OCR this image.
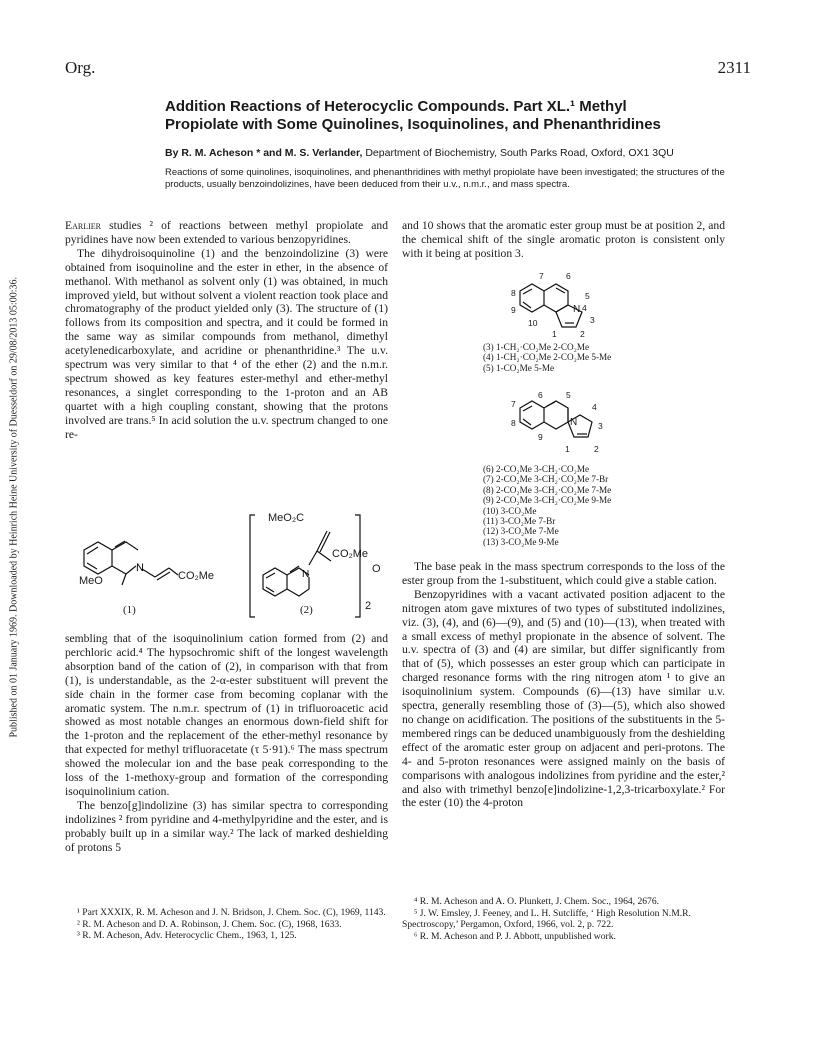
Published on 01 January 1969. Downloaded by Heinrich Heine University of Duesseldorf on 29/08/2013 05:00:36.
Org.	2311
Addition Reactions of Heterocyclic Compounds. Part XL.¹ Methyl
Propiolate with Some Quinolines, Isoquinolines, and Phenanthridines
By R. M. Acheson * and M. S. Verlander, Department of Biochemistry, South Parks Road, Oxford, OX1 3QU
Reactions of some quinolines, isoquinolines, and phenanthridines with methyl propiolate have been investigated; the structures of the products, usually benzoindolizines, have been deduced from their u.v., n.m.r., and mass spectra.

Earlier studies ² of reactions between methyl propiolate and pyridines have now been extended to various benzopyridines.

The dihydroisoquinoline (1) and the benzoindolizine (3) were obtained from isoquinoline and the ester in ether, in the absence of methanol. With methanol as solvent only (1) was obtained, in much improved yield, but without solvent a violent reaction took place and chromatography of the product yielded only (3). The structure of (1) follows from its composition and spectra, and it could be formed in the same way as similar compounds from methanol, dimethyl acetylenedicarboxylate, and acridine or phenanthridine.³ The u.v. spectrum was very similar to that ⁴ of the ether (2) and the n.m.r. spectrum showed as key features ester-methyl and ether-methyl resonances, a singlet corresponding to the 1-proton and an AB quartet with a high coupling constant, showing that the protons involved are trans.⁵ In acid solution the u.v. spectrum changed to one re-

N
MeO	CO₂Me
(1)
N
MeO₂C
CO₂Me
O
2
(2)

sembling that of the isoquinolinium cation formed from (2) and perchloric acid.⁴ The hypsochromic shift of the longest wavelength absorption band of the cation of (2), in comparison with that from (1), is understandable, as the 2-α-ester substituent will prevent the side chain in the former case from becoming coplanar with the aromatic system. The n.m.r. spectrum of (1) in trifluoroacetic acid showed as most notable changes an enormous down-field shift for the 1-proton and the replacement of the ether-methyl resonance by that expected for methyl trifluoracetate (τ 5·91).⁶ The mass spectrum showed the molecular ion and the base peak corresponding to the loss of the 1-methoxy-group and formation of the corresponding isoquinolinium cation.

The benzo[g]indolizine (3) has similar spectra to corresponding indolizines ² from pyridine and 4-methylpyridine and the ester, and is probably built up in a similar way.² The lack of marked deshielding of protons 5

¹ Part XXXIX, R. M. Acheson and J. N. Bridson, J. Chem. Soc. (C), 1969, 1143.

² R. M. Acheson and D. A. Robinson, J. Chem. Soc. (C), 1968, 1633.

³ R. M. Acheson, Adv. Heterocyclic Chem., 1963, 1, 125.

and 10 shows that the aromatic ester group must be at position 2, and the chemical shift of the single aromatic proton is consistent only with it being at position 3.

7	6
8	5
9	N 4
10	3
1	2
(3) 1-CH₂·CO₂Me 2-CO₂Me
(4) 1-CH₂·CO₂Me 2-CO₂Me 5-Me
(5) 1-CO₂Me 5-Me
7
6	5
4
8	N 3
9
1	2
(6) 2-CO₂Me 3-CH₂·CO₂Me
(7) 2-CO₂Me 3-CH₂·CO₂Me 7-Br
(8) 2-CO₂Me 3-CH₂·CO₂Me 7-Me
(9) 2-CO₂Me 3-CH₂·CO₂Me 9-Me
(10) 3-CO₂Me
(11) 3-CO₂Me 7-Br
(12) 3-CO₂Me 7-Me
(13) 3-CO₂Me 9-Me

The base peak in the mass spectrum corresponds to the loss of the ester group from the 1-substituent, which could give a stable cation.

Benzopyridines with a vacant activated position adjacent to the nitrogen atom gave mixtures of two types of substituted indolizines, viz. (3), (4), and (6)—(9), and (5) and (10)—(13), when treated with a small excess of methyl propionate in the absence of solvent. The u.v. spectra of (3) and (4) are similar, but differ significantly from that of (5), which possesses an ester group which can participate in charged resonance forms with the ring nitrogen atom ¹ to give an isoquinolinium system. Compounds (6)—(13) have similar u.v. spectra, generally resembling those of (3)—(5), which also showed no change on acidification. The positions of the substituents in the 5-membered rings can be deduced unambiguously from the deshielding effect of the aromatic ester group on adjacent and peri-protons. The 4- and 5-proton resonances were assigned mainly on the basis of comparisons with analogous indolizines from pyridine and the ester,² and also with trimethyl benzo[e]indolizine-1,2,3-tricarboxylate.² For the ester (10) the 4-proton

⁴ R. M. Acheson and A. O. Plunkett, J. Chem. Soc., 1964, 2676.

⁵ J. W. Emsley, J. Feeney, and L. H. Sutcliffe, ‘ High Resolution N.M.R. Spectroscopy,’ Pergamon, Oxford, 1966, vol. 2, p. 722.

⁶ R. M. Acheson and P. J. Abbott, unpublished work.
